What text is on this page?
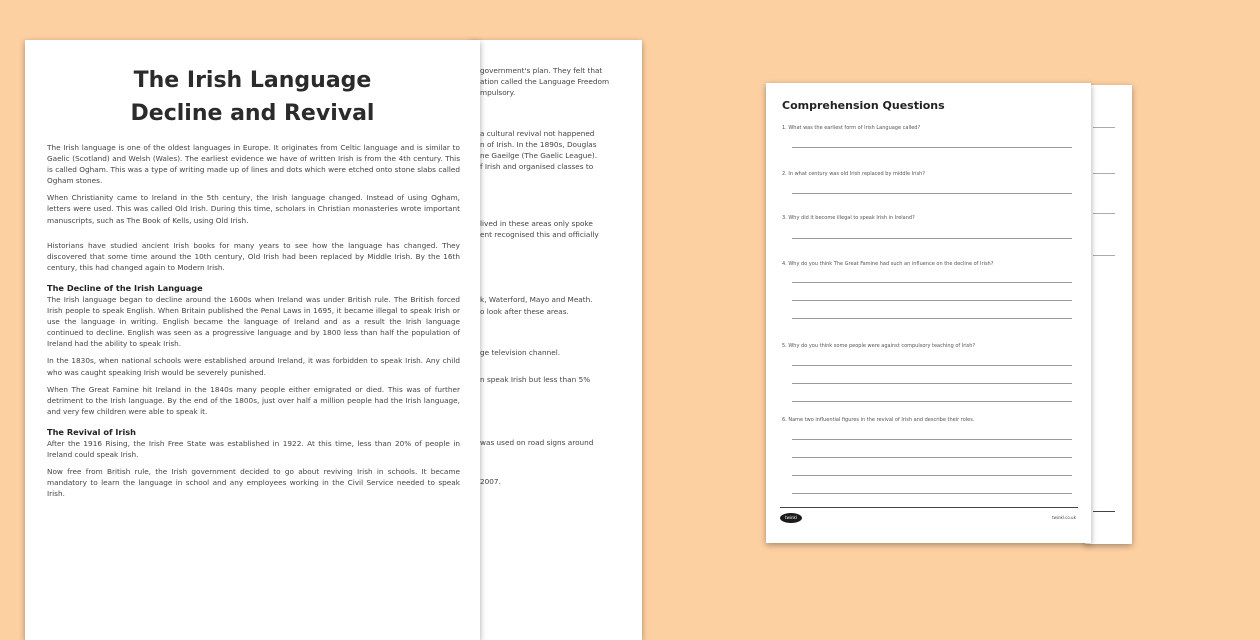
government's plan. They felt that
ation called the Language Freedom
mpulsory.
a cultural revival not happened
n of Irish. In the 1890s, Douglas
ne Gaeilge (The Gaelic League).
f Irish and organised classes to
lived in these areas only spoke
ent recognised this and officially
k, Waterford, Mayo and Meath.
o look after these areas.
ge television channel.
n speak Irish but less than 5%
was used on road signs around
2007.
The Irish Language
Decline and Revival

The Irish language is one of the oldest languages in Europe. It originates from Celtic language and is similar to Gaelic (Scotland) and Welsh (Wales). The earliest evidence we have of written Irish is from the 4th century. This is called Ogham. This was a type of writing made up of lines and dots which were etched onto stone slabs called Ogham stones.

When Christianity came to Ireland in the 5th century, the Irish language changed. Instead of using Ogham, letters were used. This was called Old Irish. During this time, scholars in Christian monasteries wrote important manuscripts, such as The Book of Kells, using Old Irish.

Historians have studied ancient Irish books for many years to see how the language has changed. They discovered that some time around the 10th century, Old Irish had been replaced by Middle Irish. By the 16th century, this had changed again to Modern Irish.

The Decline of the Irish Language

The Irish language began to decline around the 1600s when Ireland was under British rule. The British forced Irish people to speak English. When Britain published the Penal Laws in 1695, it became illegal to speak Irish or use the language in writing. English became the language of Ireland and as a result the Irish language continued to decline. English was seen as a progressive language and by 1800 less than half the population of Ireland had the ability to speak Irish.

In the 1830s, when national schools were established around Ireland, it was forbidden to speak Irish. Any child who was caught speaking Irish would be severely punished.

When The Great Famine hit Ireland in the 1840s many people either emigrated or died. This was of further detriment to the Irish language. By the end of the 1800s, just over half a million people had the Irish language, and very few children were able to speak it.

The Revival of Irish

After the 1916 Rising, the Irish Free State was established in 1922. At this time, less than 20% of people in Ireland could speak Irish.

Now free from British rule, the Irish government decided to go about reviving Irish in schools. It became mandatory to learn the language in school and any employees working in the Civil Service needed to speak Irish.

Comprehension Questions
1. What was the earliest form of Irish Language called?
2. In what century was old Irish replaced by middle Irish?
3. Why did it become illegal to speak Irish in Ireland?
4. Why do you think The Great Famine had such an influence on the decline of Irish?
5. Why do you think some people were against compulsory teaching of Irish?
6. Name two influential figures in the revival of Irish and describe their roles.
twinkl	twinkl.co.uk
